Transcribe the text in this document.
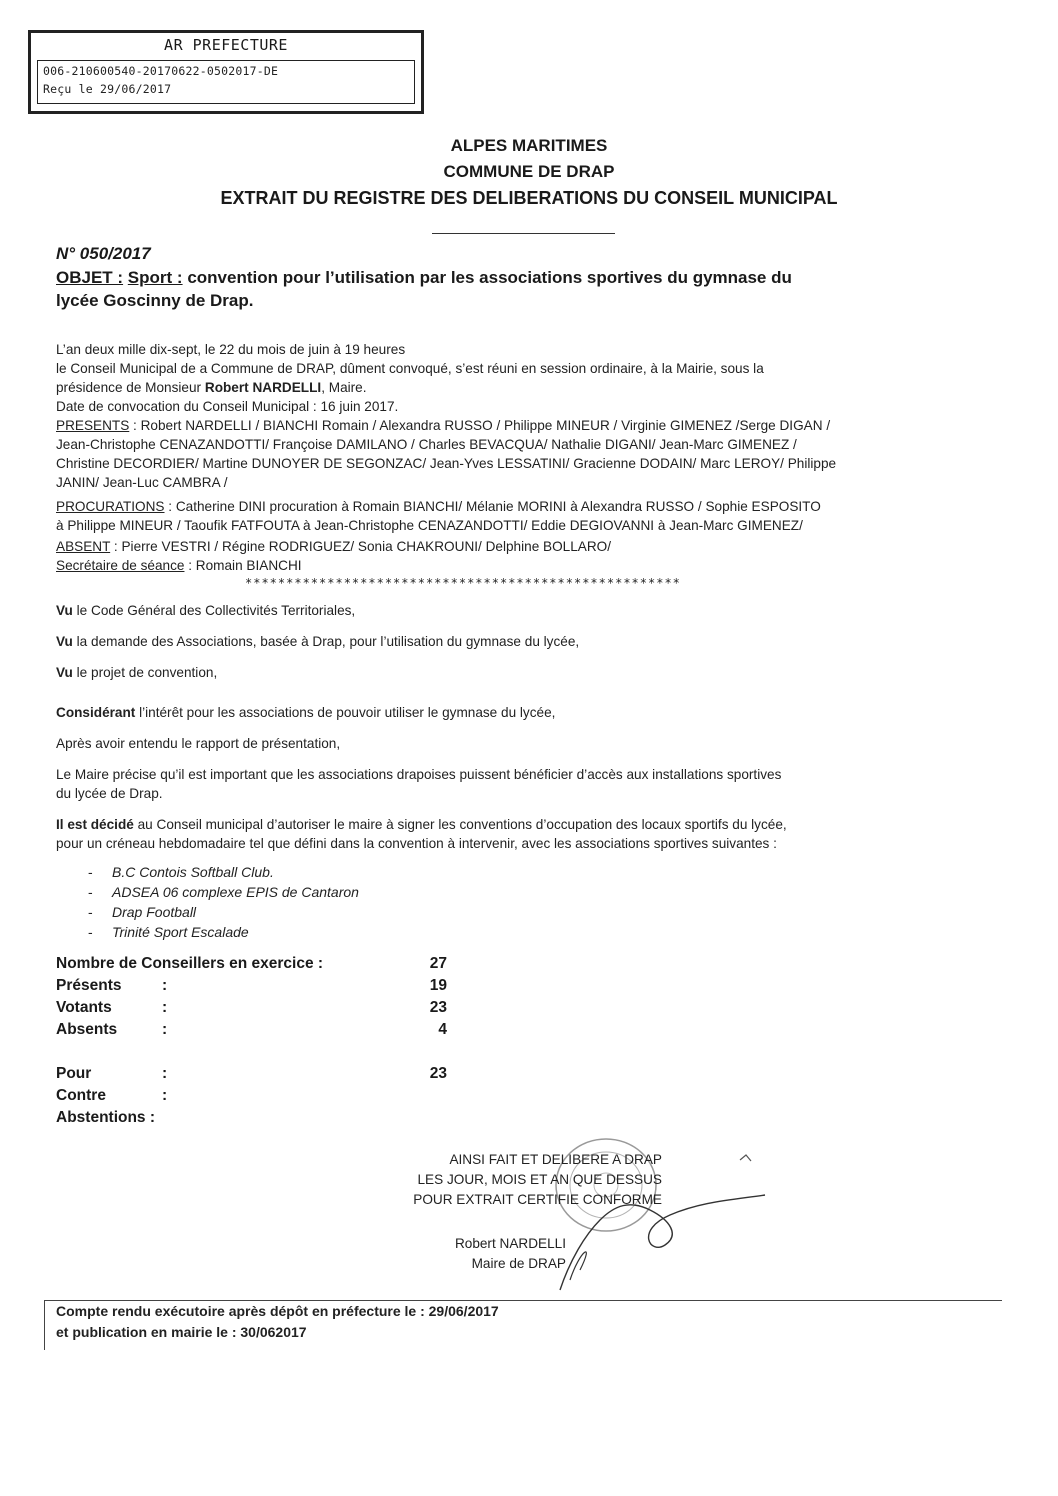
AR PREFECTURE
006-210600540-20170622-0502017-DE
Reçu le 29/06/2017
ALPES MARITIMES
COMMUNE DE DRAP
EXTRAIT DU REGISTRE DES DELIBERATIONS DU CONSEIL MUNICIPAL
N° 050/2017
OBJET : Sport : convention pour l’utilisation par les associations sportives du gymnase du
lycée Goscinny de Drap.
L’an deux mille dix-sept, le 22 du mois de juin à 19 heures
le Conseil Municipal de a Commune de DRAP, dûment convoqué, s’est réuni en session ordinaire, à la Mairie, sous la
présidence de Monsieur Robert NARDELLI, Maire.
Date de convocation du Conseil Municipal : 16 juin 2017.
PRESENTS : Robert NARDELLI / BIANCHI Romain / Alexandra RUSSO / Philippe MINEUR / Virginie GIMENEZ /Serge DIGAN /
Jean-Christophe CENAZANDOTTI/ Françoise DAMILANO / Charles BEVACQUA/ Nathalie DIGANI/ Jean-Marc GIMENEZ /
Christine DECORDIER/ Martine DUNOYER DE SEGONZAC/ Jean-Yves LESSATINI/ Gracienne DODAIN/ Marc LEROY/ Philippe
JANIN/ Jean-Luc CAMBRA /
PROCURATIONS : Catherine DINI procuration à Romain BIANCHI/ Mélanie MORINI à Alexandra RUSSO / Sophie ESPOSITO
à Philippe MINEUR / Taoufik FATFOUTA à Jean-Christophe CENAZANDOTTI/ Eddie DEGIOVANNI à Jean-Marc GIMENEZ/
ABSENT : Pierre VESTRI / Régine RODRIGUEZ/ Sonia CHAKROUNI/ Delphine BOLLARO/
Secrétaire de séance : Romain BIANCHI
*****************************************************
Vu le Code Général des Collectivités Territoriales,
Vu la demande des Associations, basée à Drap, pour l’utilisation du gymnase du lycée,
Vu le projet de convention,
Considérant l’intérêt pour les associations de pouvoir utiliser le gymnase du lycée,
Après avoir entendu le rapport de présentation,
Le Maire précise qu’il est important que les associations drapoises puissent bénéficier d’accès aux installations sportives
du lycée de Drap.
Il est décidé au Conseil municipal d’autoriser le maire à signer les conventions d’occupation des locaux sportifs du lycée,
pour un créneau hebdomadaire tel que défini dans la convention à intervenir, avec les associations sportives suivantes :
- B.C Contois Softball Club.
- ADSEA 06 complexe EPIS de Cantaron
- Drap Football
- Trinité Sport Escalade
Nombre de Conseillers en exercice :	27
Présents	:	19
Votants	:	23
Absents	:	4
Pour	:	23
Contre	:
Abstentions :
AINSI FAIT ET DELIBERE A DRAP
LES JOUR, MOIS ET AN QUE DESSUS
POUR EXTRAIT CERTIFIE CONFORME
Robert NARDELLI
Maire de DRAP
Compte rendu exécutoire après dépôt en préfecture le : 29/06/2017
et publication en mairie le : 30/062017
